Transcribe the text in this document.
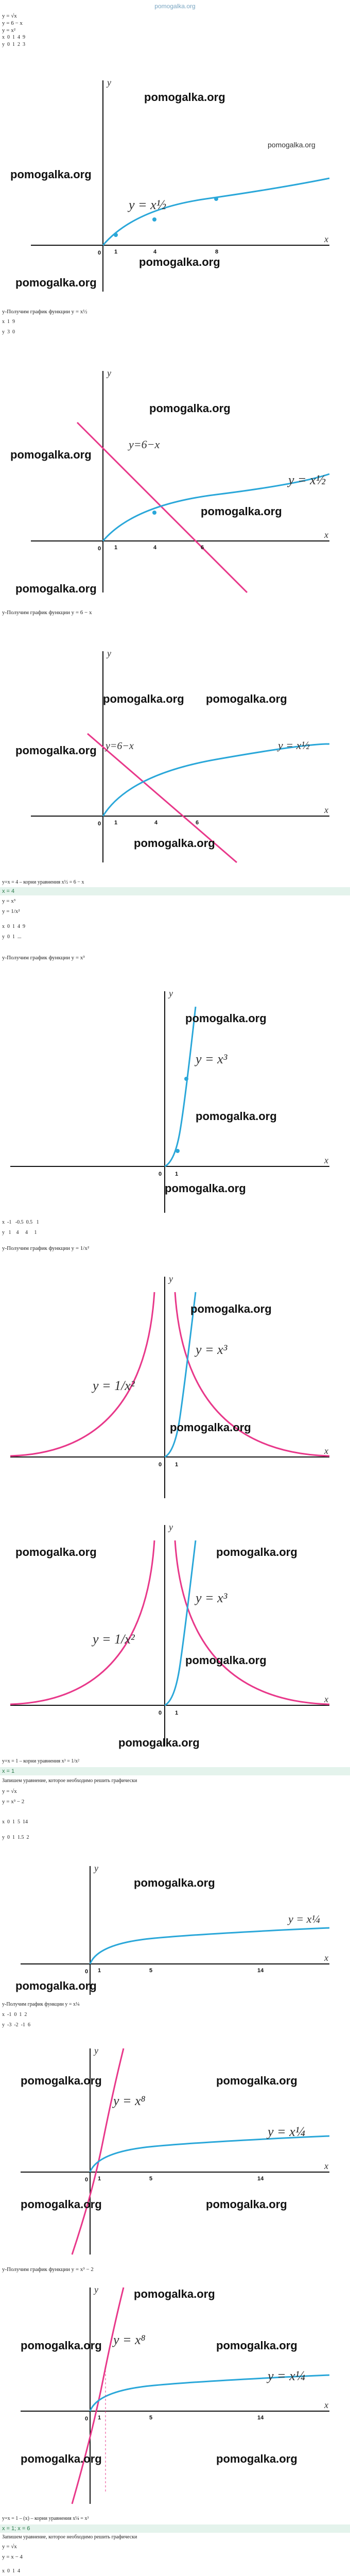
pomogalka.org
y = √x
y = 6 − x
y = x²
x  0  1  4  9
y  0  1  2  3
y = x½
0 1	4	8
x
y
pomogalka.org
pomogalka.org
pomogalka.org
pomogalka.org
pomogalka.org
y-Получим график функции y = x½
x  1  9
y  3  0
y=6−x
y = x½
0 1	4	6
x
y
pomogalka.org
pomogalka.org
pomogalka.org
pomogalka.org
y-Получим график функции y = 6 − x
y=6−x	y = x½
0 1	4	6
x
y
pomogalka.org pomogalka.org
pomogalka.org
pomogalka.org
y=x = 4 – корни уравнения x½ = 6 − x
x = 4
y = x³
y = 1/x²
x  0  1  4  9
y  0  1  ...
y-Получим график функции y = x³
y = x³
0 1
x
y
pomogalka.org
pomogalka.org
pomogalka.org
x  -1   -0.5  0.5   1
y   1    4     4     1
y-Получим график функции y = 1/x²
y = 1/x²
y = x³
0 1
x
y
pomogalka.org
pomogalka.org
y = 1/x²
y = x³
0 1
x
y
pomogalka.org	pomogalka.org
pomogalka.org
pomogalka.org
y=x = 1 – корни уравнения x³ = 1/x²
x = 1
Запишем уравнение, которое необходимо решить графически
y = √x
y = x³ − 2
x  0  1  5  14
y  0  1  1.5  2
y = x¼
0 1	5	14
x
y
pomogalka.org
pomogalka.org
y-Получим график функции y = x¼
x  -1  0  1  2
y  -3  -2  -1  6
y = x⁸
y = x¼
0 1	5	14
x
y
pomogalka.org	pomogalka.org
pomogalka.org	pomogalka.org
y-Получим график функции y = x³ − 2
y = x⁸
y = x¼
0 1	5	14
x
y	pomogalka.org
pomogalka.org	pomogalka.org
pomogalka.org	pomogalka.org
y=x = 1 – (x) – корни уравнения x¼ = x³
x = 1; x = 6
Запишем уравнение, которое необходимо решить графически
y = √x
y = x − 4
x  0  1  4
